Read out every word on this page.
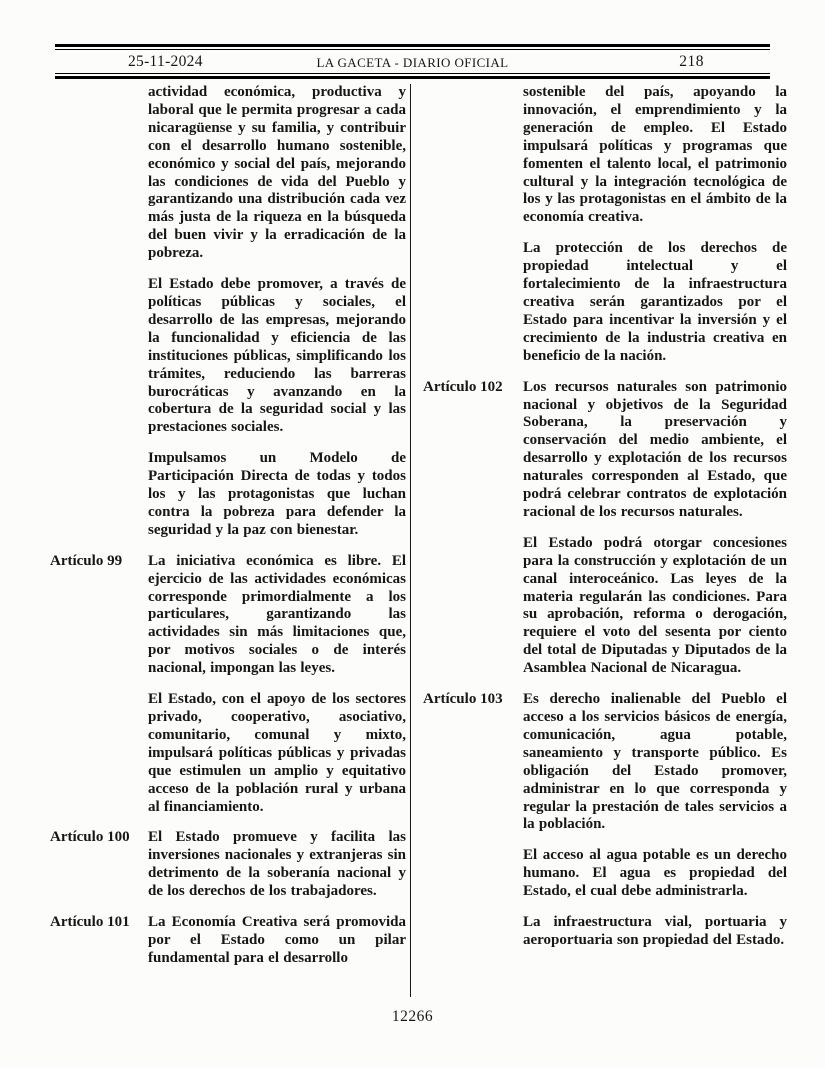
25-11-2024	LA GACETA - DIARIO OFICIAL	218

actividad económica, productiva y laboral que le permita progresar a cada nicaragüense y su familia, y contribuir con el desarrollo humano sostenible, económico y social del país, mejorando las condiciones de vida del Pueblo y garantizando una distribución cada vez más justa de la riqueza en la búsqueda del buen vivir y la erradicación de la pobreza.

El Estado debe promover, a través de políticas públicas y sociales, el desarrollo de las empresas, mejorando la funcionalidad y eficiencia de las instituciones públicas, simplificando los trámites, reduciendo las barreras burocráticas y avanzando en la cobertura de la seguridad social y las prestaciones sociales.

Impulsamos un Modelo de Participación Directa de todas y todos los y las protagonistas que luchan contra la pobreza para defender la seguridad y la paz con bienestar.

Artículo 99	La iniciativa económica es libre. El ejercicio de las actividades económicas corresponde primordialmente a los particulares, garantizando las actividades sin más limitaciones que, por motivos sociales o de interés nacional, impongan las leyes.

El Estado, con el apoyo de los sectores privado, cooperativo, asociativo, comunitario, comunal y mixto, impulsará políticas públicas y privadas que estimulen un amplio y equitativo acceso de la población rural y urbana al financiamiento.

Artículo 100	El Estado promueve y facilita las inversiones nacionales y extranjeras sin detrimento de la soberanía nacional y de los derechos de los trabajadores.

Artículo 101	La Economía Creativa será promovida por el Estado como un pilar fundamental para el desarrollo

sostenible del país, apoyando la innovación, el emprendimiento y la generación de empleo. El Estado impulsará políticas y programas que fomenten el talento local, el patrimonio cultural y la integración tecnológica de los y las protagonistas en el ámbito de la economía creativa.

La protección de los derechos de propiedad intelectual y el fortalecimiento de la infraestructura creativa serán garantizados por el Estado para incentivar la inversión y el crecimiento de la industria creativa en beneficio de la nación.

Artículo 102	Los recursos naturales son patrimonio nacional y objetivos de la Seguridad Soberana, la preservación y conservación del medio ambiente, el desarrollo y explotación de los recursos naturales corresponden al Estado, que podrá celebrar contratos de explotación racional de los recursos naturales.

El Estado podrá otorgar concesiones para la construcción y explotación de un canal interoceánico. Las leyes de la materia regularán las condiciones. Para su aprobación, reforma o derogación, requiere el voto del sesenta por ciento del total de Diputadas y Diputados de la Asamblea Nacional de Nicaragua.

Artículo 103	Es derecho inalienable del Pueblo el acceso a los servicios básicos de energía, comunicación, agua potable, saneamiento y transporte público. Es obligación del Estado promover, administrar en lo que corresponda y regular la prestación de tales servicios a la población.

El acceso al agua potable es un derecho humano. El agua es propiedad del Estado, el cual debe administrarla.

La infraestructura vial, portuaria y aeroportuaria son propiedad del Estado.

12266
